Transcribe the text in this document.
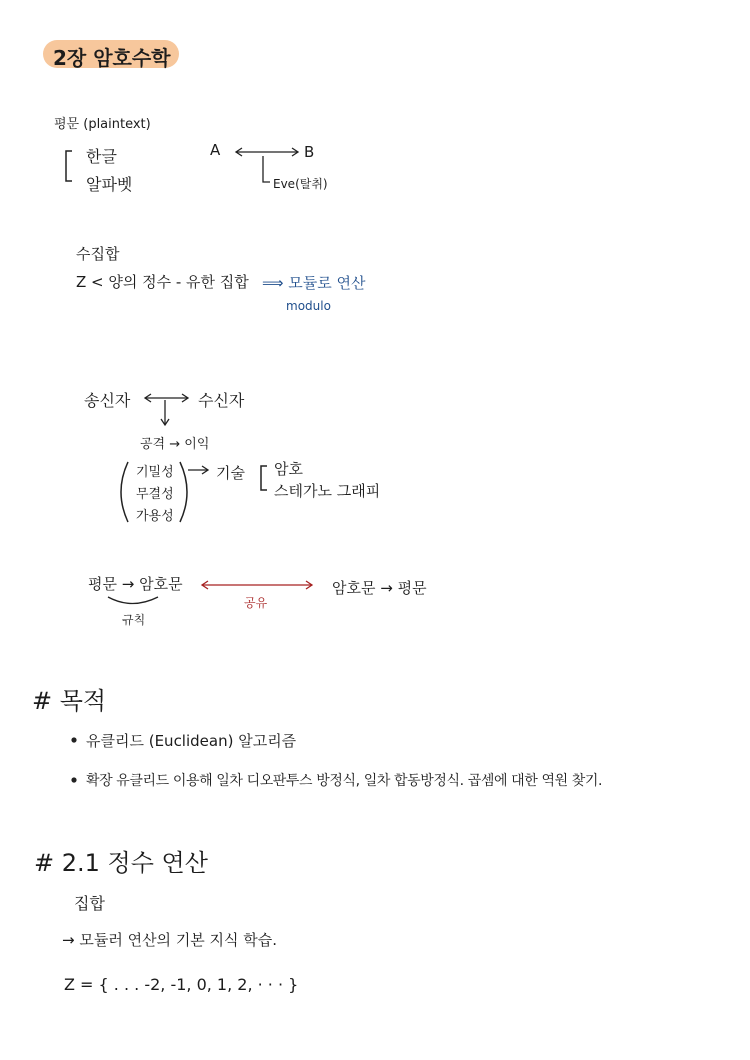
2장 암호수학
평문 (plaintext)
한글
알파벳
A	B
Eve(탈취)
수집합
Z < 양의 정수 - 유한 집합 ⟹ 모듈로 연산
modulo
송신자	수신자
공격 → 이익
기밀성
무결성
가용성
기술 암호
스테가노 그래피
평문 → 암호문
규칙
공유
암호문 → 평문
# 목적
유클리드 (Euclidean) 알고리즘
확장 유클리드 이용해 일차 디오판투스 방정식, 일차 합동방정식. 곱셈에 대한 역원 찾기.
# 2.1 정수 연산
집합
→ 모듈러 연산의 기본 지식 학습.
Z = { . . . -2, -1, 0, 1, 2, · · · }
